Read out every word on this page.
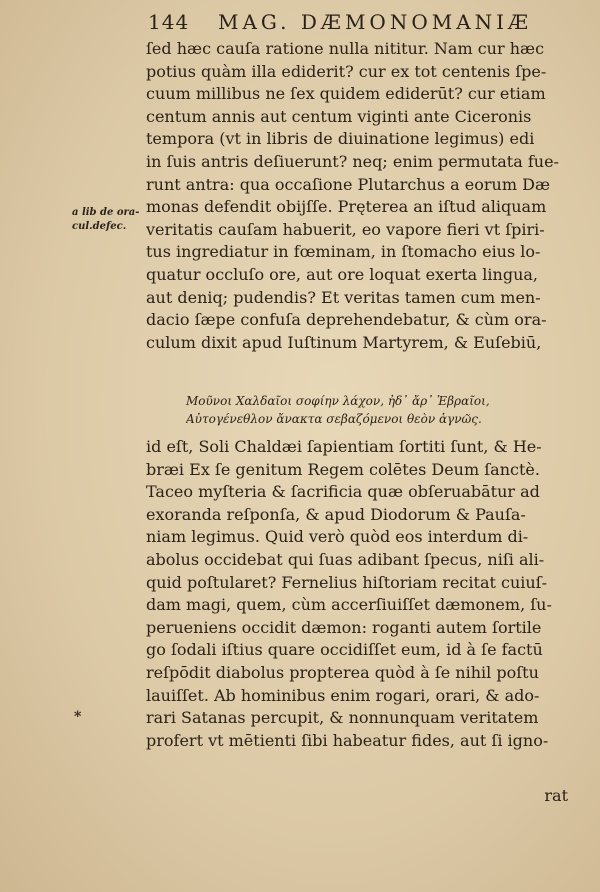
144 MAG. DÆMONOMANIÆ
a lib de ora-
cul.defec.
*
ſed hæc cauſa ratione nulla nititur. Nam cur hæc
potius quàm illa ediderit? cur ex tot centenis ſpe-
cuum millibus ne ſex quidem ediderūt? cur etiam
centum annis aut centum viginti ante Ciceronis
tempora (vt in libris de diuinatione legimus) edi
in ſuis antris deſiuerunt? neq; enim permutata fue-
runt antra: qua occaſione Plutarchus a eorum Dæ
monas defendit obijſſe. Pręterea an iſtud aliquam
veritatis cauſam habuerit, eo vapore fieri vt ſpiri-
tus ingrediatur in fœminam, in ſtomacho eius lo-
quatur occluſo ore, aut ore loquat exerta lingua,
aut deniq; pudendis? Et veritas tamen cum men-
dacio ſæpe confuſa deprehendebatur, & cùm ora-
culum dixit apud Iuſtinum Martyrem, & Euſebiū,
Μοῦνοι Χαλδαῖοι σοφίην λάχον, ἠδ᾽ ἄρ᾽ Ἑβραῖοι,
Αὐτογένεθλον ἄνακτα σεβαζόμενοι θεὸν ἁγνῶς.
id eſt, Soli Chaldæi ſapientiam ſortiti ſunt, & He-
bræi Ex ſe genitum Regem colētes Deum ſanctè.
Taceo myſteria & ſacrificia quæ obſeruabātur ad
exoranda reſponſa, & apud Diodorum & Pauſa-
niam legimus. Quid verò quòd eos interdum di-
abolus occidebat qui ſuas adibant ſpecus, niſi ali-
quid poſtularet? Fernelius hiſtoriam recitat cuiuſ-
dam magi, quem, cùm accerſiuiſſet dæmonem, ſu-
perueniens occidit dæmon: roganti autem ſortile
go ſodali iſtius quare occidiſſet eum, id à ſe factū
reſpōdit diabolus propterea quòd à ſe nihil poſtu
lauiſſet. Ab hominibus enim rogari, orari, & ado-
rari Satanas percupit, & nonnunquam veritatem
profert vt mētienti ſibi habeatur fides, aut ſi igno-
rat
